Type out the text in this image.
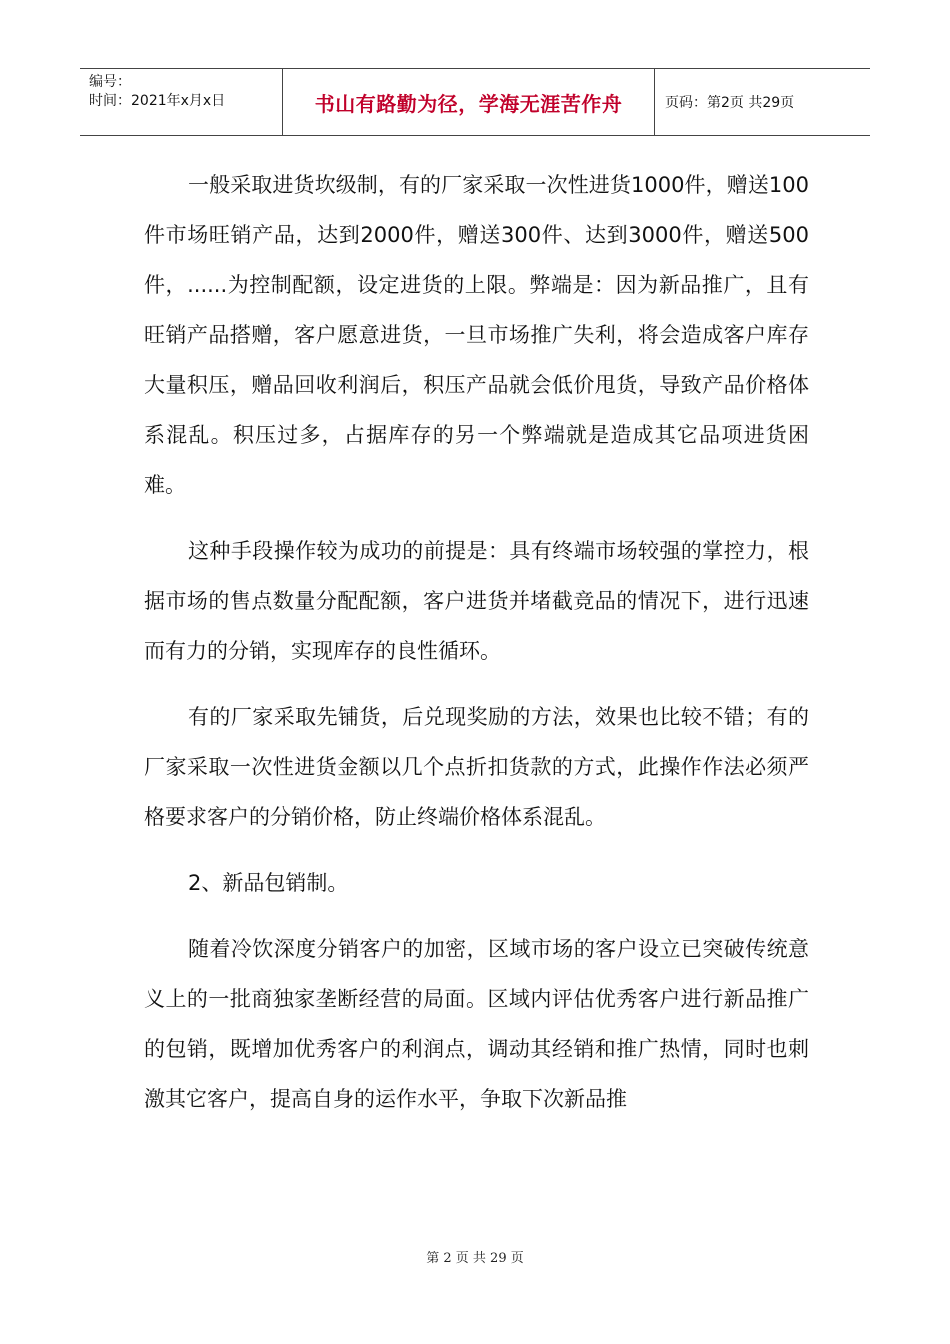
编号：
时间：2021年x月x日	书山有路勤为径，学海无涯苦作舟	页码：第2页 共29页

一般采取进货坎级制，有的厂家采取一次性进货1000件，赠送100件市场旺销产品，达到2000件，赠送300件、达到3000件，赠送500件，......为控制配额，设定进货的上限。弊端是：因为新品推广，且有旺销产品搭赠，客户愿意进货，一旦市场推广失利，将会造成客户库存大量积压，赠品回收利润后，积压产品就会低价甩货，导致产品价格体系混乱。积压过多，占据库存的另一个弊端就是造成其它品项进货困难。

这种手段操作较为成功的前提是：具有终端市场较强的掌控力，根据市场的售点数量分配配额，客户进货并堵截竞品的情况下，进行迅速而有力的分销，实现库存的良性循环。

有的厂家采取先铺货，后兑现奖励的方法，效果也比较不错；有的厂家采取一次性进货金额以几个点折扣货款的方式，此操作作法必须严格要求客户的分销价格，防止终端价格体系混乱。

2、新品包销制。

随着冷饮深度分销客户的加密，区域市场的客户设立已突破传统意义上的一批商独家垄断经营的局面。区域内评估优秀客户进行新品推广的包销，既增加优秀客户的利润点，调动其经销和推广热情，同时也刺激其它客户，提高自身的运作水平，争取下次新品推

第 2 页 共 29 页
